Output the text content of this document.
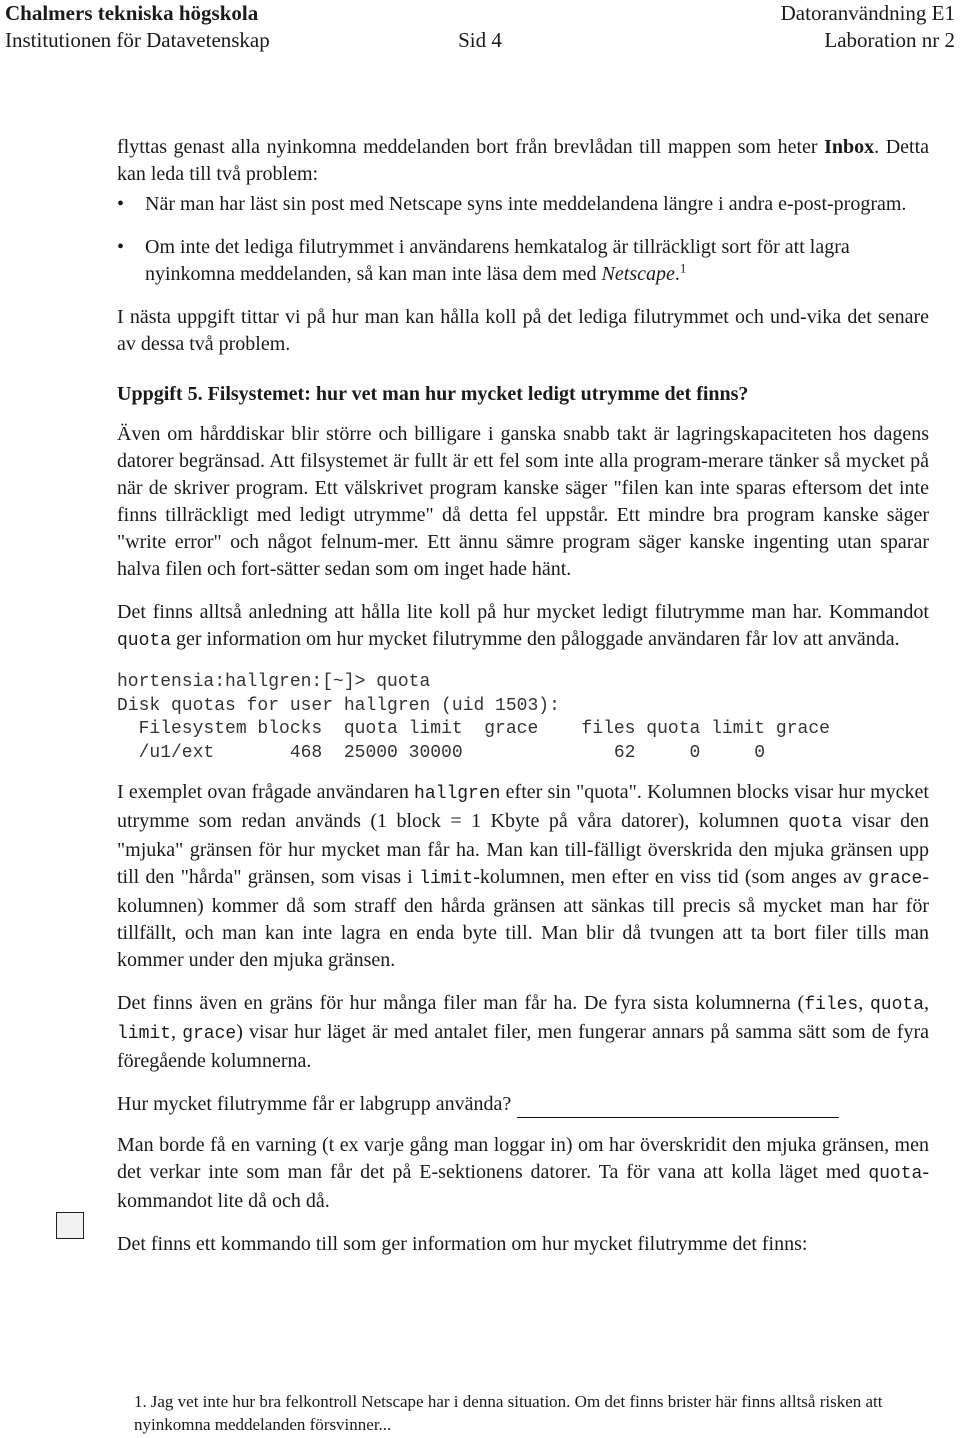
Chalmers tekniska högskola	Datoranvändning E1
Institutionen för Datavetenskap	Laboration nr 2
Sid 4

flyttas genast alla nyinkomna meddelanden bort från brevlådan till mappen som heter Inbox. Detta kan leda till två problem:

• När man har läst sin post med Netscape syns inte meddelandena längre i andra e-post-program.
• Om inte det lediga filutrymmet i användarens hemkatalog är tillräckligt sort för att lagra nyinkomna meddelanden, så kan man inte läsa dem med Netscape.$^1$

I nästa uppgift tittar vi på hur man kan hålla koll på det lediga filutrymmet och und-vika det senare av dessa två problem.

Uppgift 5. Filsystemet: hur vet man hur mycket ledigt utrymme det finns?

Även om hårddiskar blir större och billigare i ganska snabb takt är lagringskapaciteten hos dagens datorer begränsad. Att filsystemet är fullt är ett fel som inte alla program-merare tänker så mycket på när de skriver program. Ett välskrivet program kanske säger "filen kan inte sparas eftersom det inte finns tillräckligt med ledigt utrymme" då detta fel uppstår. Ett mindre bra program kanske säger "write error" och något felnum-mer. Ett ännu sämre program säger kanske ingenting utan sparar halva filen och fort-sätter sedan som om inget hade hänt.

Det finns alltså anledning att hålla lite koll på hur mycket ledigt filutrymme man har. Kommandot quota ger information om hur mycket filutrymme den påloggade användaren får lov att använda.

hortensia:hallgren:[~]> quota
Disk quotas for user hallgren (uid 1503):
Filesystem blocks  quota limit  grace    files quota limit grace
/u1/ext       468  25000 30000              62     0     0

I exemplet ovan frågade användaren hallgren efter sin "quota". Kolumnen blocks visar hur mycket utrymme som redan används (1 block = 1 Kbyte på våra datorer), kolumnen quota visar den "mjuka" gränsen för hur mycket man får ha. Man kan till-fälligt överskrida den mjuka gränsen upp till den "hårda" gränsen, som visas i limit-kolumnen, men efter en viss tid (som anges av grace-kolumnen) kommer då som straff den hårda gränsen att sänkas till precis så mycket man har för tillfällt, och man kan inte lagra en enda byte till. Man blir då tvungen att ta bort filer tills man kommer under den mjuka gränsen.

Det finns även en gräns för hur många filer man får ha. De fyra sista kolumnerna (files, quota, limit, grace) visar hur läget är med antalet filer, men fungerar annars på samma sätt som de fyra föregående kolumnerna.

Hur mycket filutrymme får er labgrupp använda?

Man borde få en varning (t ex varje gång man loggar in) om har överskridit den mjuka gränsen, men det verkar inte som man får det på E-sektionens datorer. Ta för vana att kolla läget med quota-kommandot lite då och då.

Det finns ett kommando till som ger information om hur mycket filutrymme det finns:

1. Jag vet inte hur bra felkontroll Netscape har i denna situation. Om det finns brister här finns alltså risken att nyinkomna meddelanden försvinner...
